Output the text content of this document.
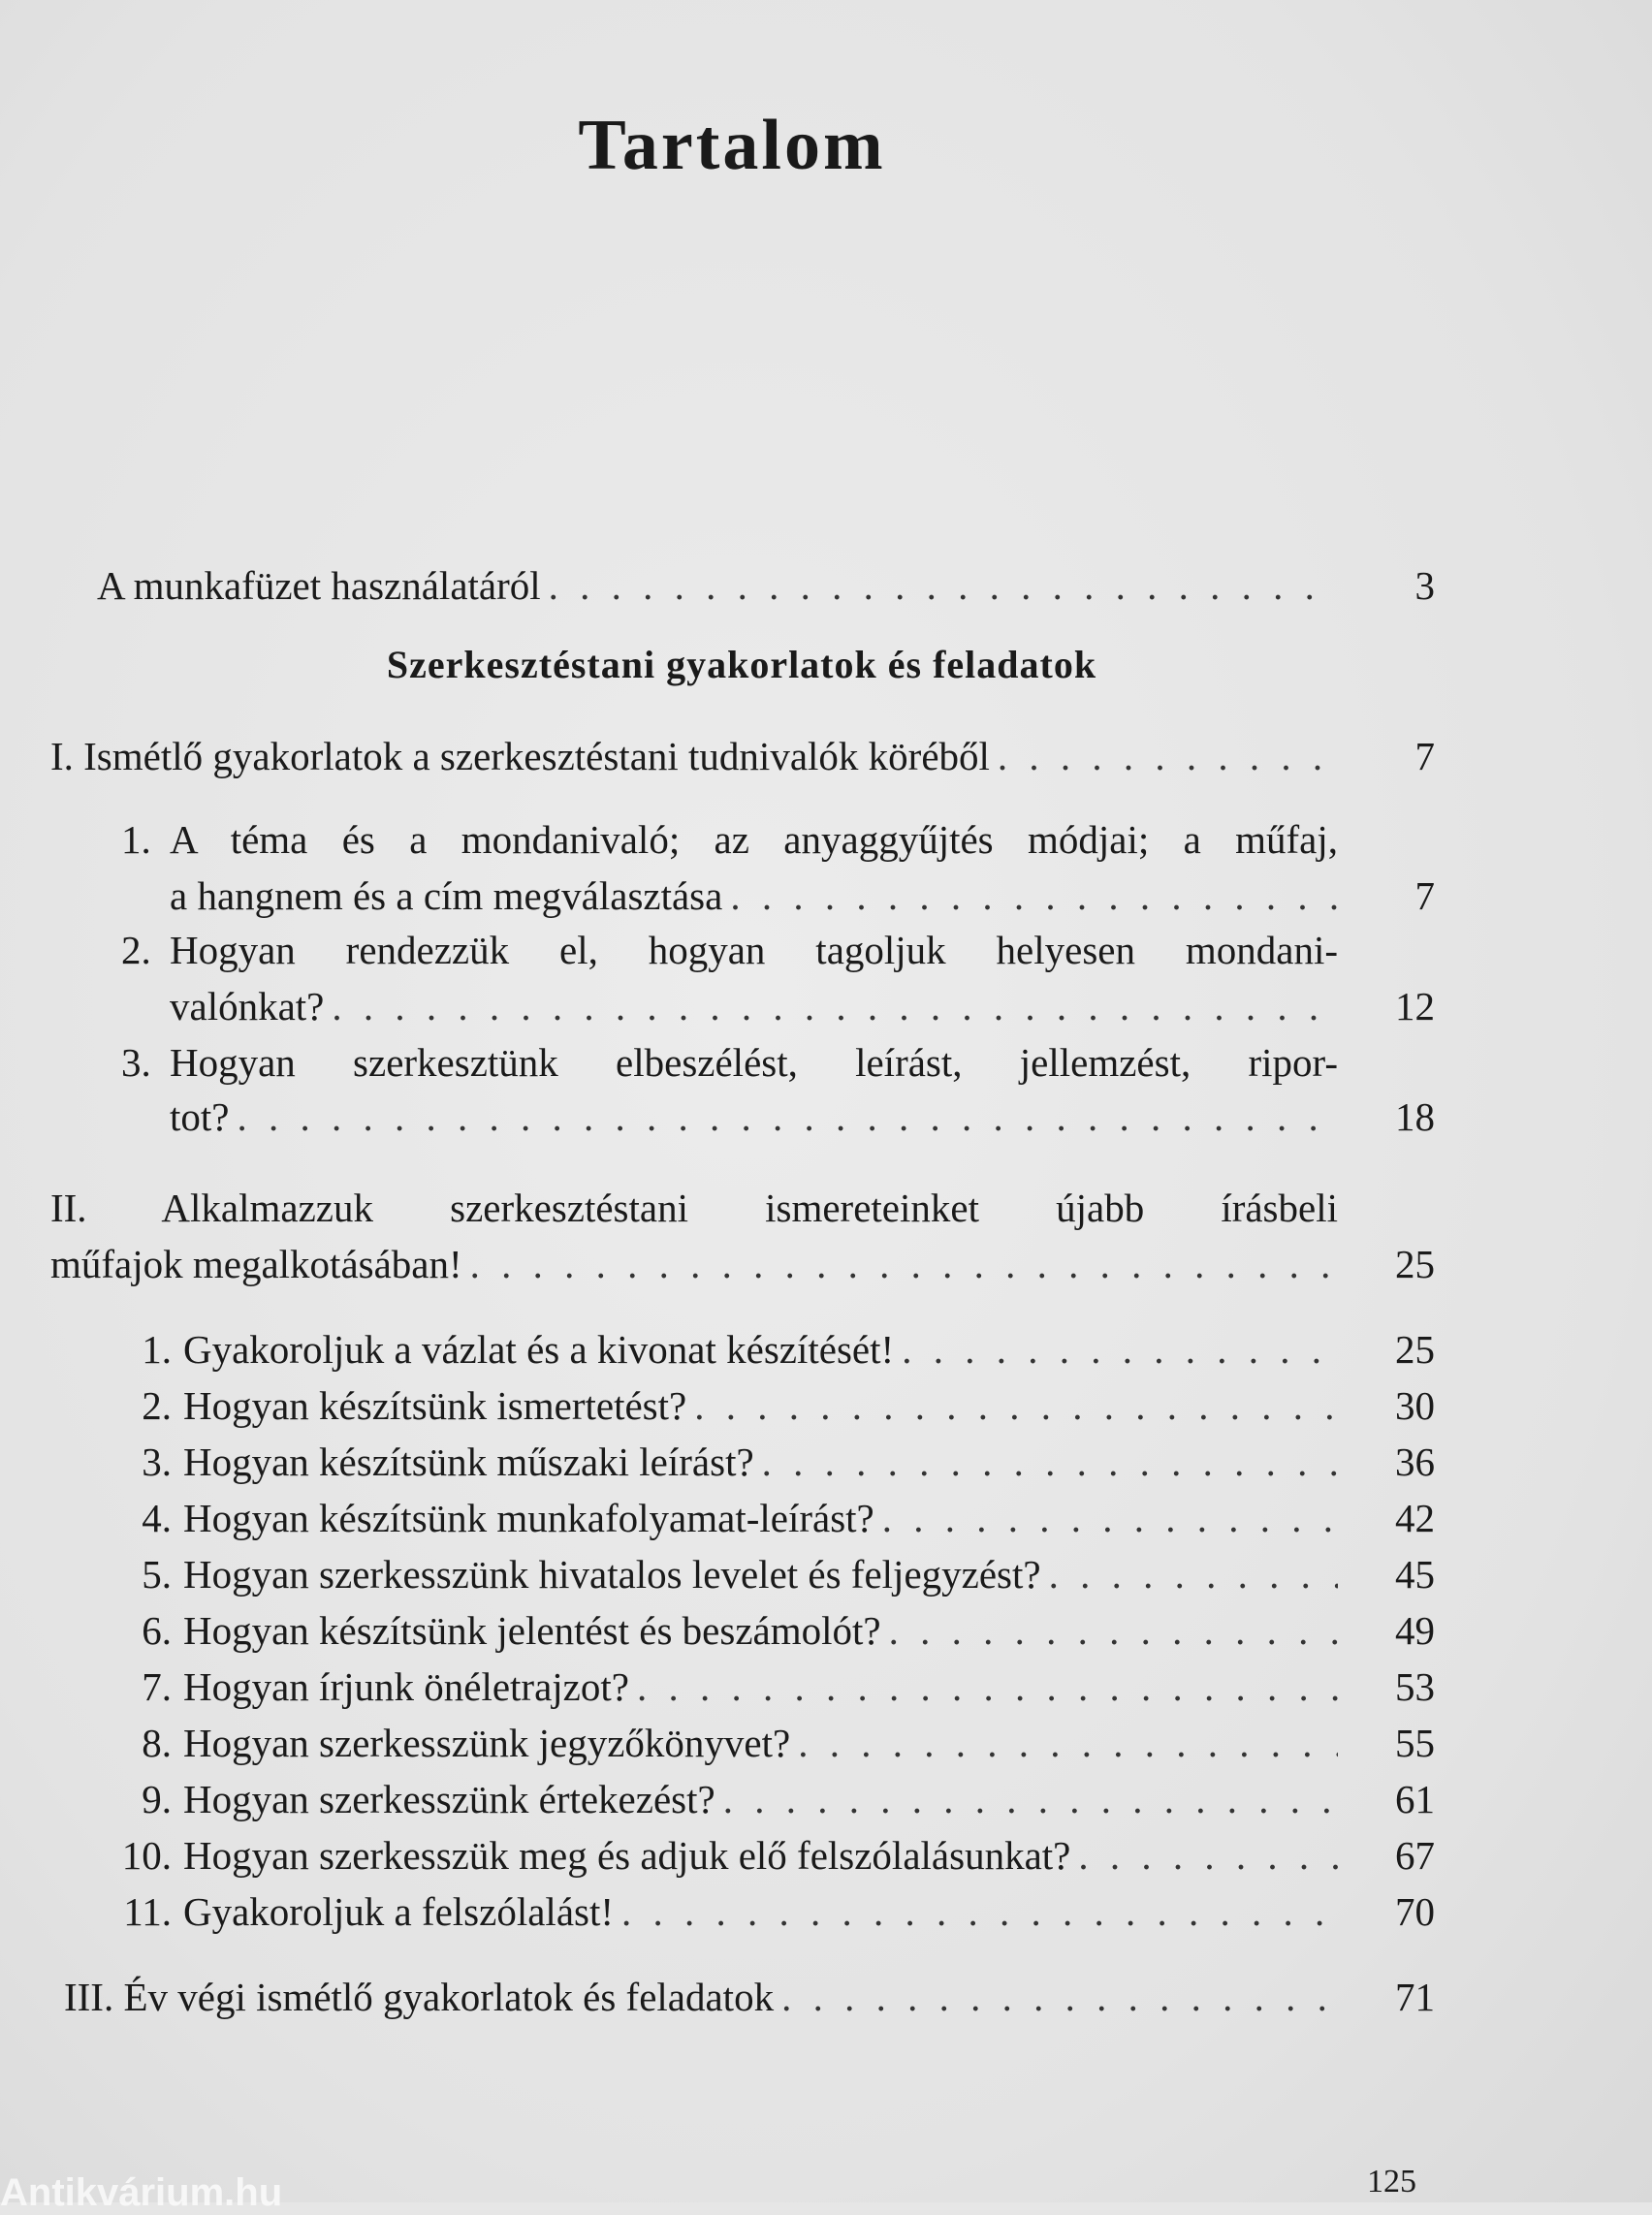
Tartalom
A munkafüzet használatáról . . .	3
Szerkesztéstani gyakorlatok és feladatok
I. Ismétlő gyakorlatok a szerkesztéstani tudnivalók köréből . . .	7
1. A téma és a mondanivaló; az anyaggyűjtés módjai; a műfaj,
a hangnem és a cím megválasztása . . .	7
2. Hogyan rendezzük el, hogyan tagoljuk helyesen mondani-
valónkat? . . .	12
3. Hogyan szerkesztünk elbeszélést, leírást, jellemzést, ripor-
tot? . . .	18
II. Alkalmazzuk szerkesztéstani ismereteinket újabb írásbeli
műfajok megalkotásában! . . .	25
1. Gyakoroljuk a vázlat és a kivonat készítését! . . .	25
2. Hogyan készítsünk ismertetést? . . .	30
3. Hogyan készítsünk műszaki leírást? . . .	36
4. Hogyan készítsünk munkafolyamat-leírást? . . .	42
5. Hogyan szerkesszünk hivatalos levelet és feljegyzést? . . .	45
6. Hogyan készítsünk jelentést és beszámolót? . . .	49
7. Hogyan írjunk önéletrajzot? . . .	53
8. Hogyan szerkesszünk jegyzőkönyvet? . . .	55
9. Hogyan szerkesszünk értekezést? . . .	61
10. Hogyan szerkesszük meg és adjuk elő felszólalásunkat? . . .	67
11. Gyakoroljuk a felszólalást! . . .	70
III. Év végi ismétlő gyakorlatok és feladatok . . .	71
125
Antikvárium.hu
